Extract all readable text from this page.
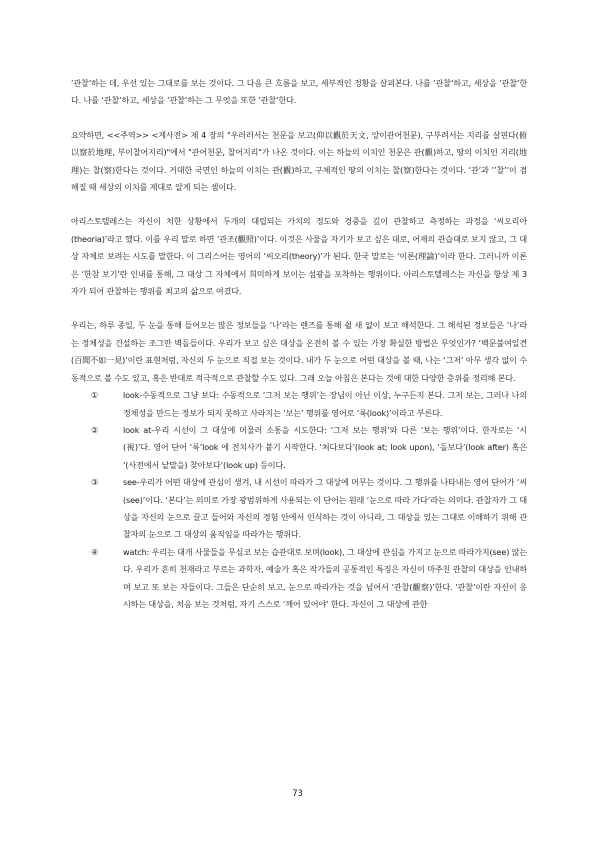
‘관찰’하는 데, 우선 있는 그대로를 보는 것이다. 그 다음 큰 흐름을 보고, 세부적인 정황을 살펴본다. 나를 ‘관찰’하고, 세상을 ‘관찰’한다. 나를 ‘관찰’하고, 세상을 ‘관찰’하는 그 무엇을 또한 ‘관찰’한다.

요약하면, <<주역>> <계사전> 제 4 장의 "우러러서는 천문을 보고(仰以觀於天文, 앙이관어천문), 구부려서는 지리를 살핀다(俯以察於地理, 부이찰어지리)"에서 "관어천문, 찰어지리"가 나온 것이다. 이는 하늘의 이치인 천문은 관(觀)하고, 땅의 이치인 지리(地理)는 찰(察)한다는 것이다. 거대한 국면인 하늘의 이치는 관(觀)하고, 구체적인 땅의 이치는 찰(察)한다는 것이다. ‘관’과 ’’찰’’이 겸해질 때 세상의 이치를 제대로 알게 되는 셈이다.

아리스토텔레스는 자신이 처한 상황에서 두개의 대립되는 가치의 정도와 경중을 깊이 관찰하고 측정하는 과정을 ‘씨오리아(theoria)’라고 했다. 이를 우리 말로 하면 ‘관조(觀照)’이다. 이것은 사물을 자기가 보고 싶은 대로, 어제의 관습대로 보지 않고, 그 대상 자체로 보려는 시도를 말한다. 이 그리스어는 영어의 ‘씨오리(theory)’가 된다. 한국 말로는 ‘이론(理論)’이라 한다. 그러니까 이론은 ‘한참 보기’란 인내를 통해, 그 대상 그 자체에서 희미하게 보이는 섬광을 포착하는 행위이다. 아리스토텔레스는 자신을 항상 제 3자가 되어 관찰하는 행위를 최고의 삶으로 여겼다.

우리는, 하루 종일, 두 눈을 통해 들어오는 많은 정보들을 ‘나’라는 렌즈를 통해 쉴 새 없이 보고 해석한다. 그 해석된 정보들은 ‘나’라는 정체성을 건설하는 조그만 벽돌들이다. 우리가 보고 싶은 대상을 온전히 볼 수 있는 가장 확실한 방법은 무엇인가? ‘백문불여일견(百聞不如一見)’이란 표현처럼, 자신의 두 눈으로 직접 보는 것이다. 내가 두 눈으로 어떤 대상을 볼 때, 나는 ‘그저’ 아무 생각 없이 수동적으로 볼 수도 있고, 혹은 반대로 적극적으로 관찰할 수도 있다. 그래 오늘 아침은 본다는 것에 대한 다양한 층위를 정리해 본다.

①	look-수동적으로 그냥 보다: 수동적으로 ‘그저 보는 행위’는 장님이 아닌 이상, 누구든지 본다. 그저 보는, 그러나 나의 정체성을 만드는 정보가 되지 못하고 사라지는 ‘보는’ 행위를 영어로 ‘룩(look)’이라고 부른다.
②	look at-우리 시선이 그 대상에 머물러 소통을 시도한다: ‘그저 보는 행위’와 다른 ‘보는 행위’이다. 한자로는 ‘시(視)’다. 영어 단어 ‘룩’look 에 전치사가 붙기 시작한다. ‘쳐다보다’(look at; look upon), ‘돌보다’(look after) 혹은 ‘(사전에서 낱말을) 찾아보다’(look up) 등이다.
③	see-우리가 어떤 대상에 관심이 생겨, 내 시선이 따라가 그 대상에 머무는 것이다. 그 행위를 나타내는 영어 단어가 ‘씨(see)’이다. ‘본다’는 의미로 가장 광범위하게 사용되는 이 단어는 원래 ‘눈으로 따라 가다’라는 의미다. 관찰자가 그 대상을 자신의 눈으로 끌고 들어와 자신의 경험 안에서 인식하는 것이 아니라, 그 대상을 있는 그대로 이해하기 위해 관찰자의 눈으로 그 대상의 움직임을 따라가는 행위다.
④	watch: 우리는 대개 사물들을 무심코 보는 습관대로 보며(look), 그 대상에 관심을 가지고 눈으로 따라가지(see) 않는다. 우리가 흔히 천재라고 부르는 과학자, 예술가 혹은 작가들의 공통적인 특징은 자신이 마주친 관찰의 대상을 인내하며 보고 또 보는 자들이다. 그들은 단순히 보고, 눈으로 따라가는 것을 넘어서 ‘관찰(觀察)’한다. ‘관찰’이란 자신이 응시하는 대상을, 처음 보는 것처럼, 자기 스스로 ‘깨어 있어야’ 한다. 자신이 그 대상에 관한
73
